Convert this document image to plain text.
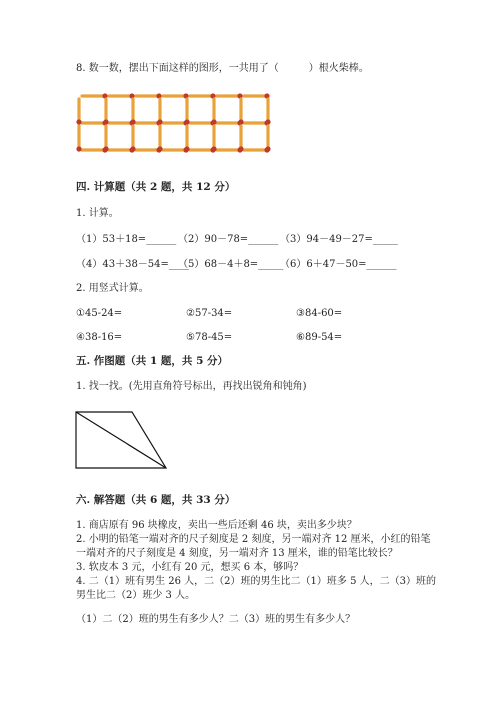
8. 数一数，摆出下面这样的图形，一共用了（　　　）根火柴棒。
四. 计算题（共 2 题，共 12 分）
1. 计算。
（1）53＋18=______ （2）90－78=______ （3）94－49－27=_____
（4）43＋38－54=____
（5）68－4＋8=_____
（6）6＋47－50=______
2. 用竖式计算。
①45-24=	②57-34=	③84-60=
④38-16=	⑤78-45=	⑥89-54=
五. 作图题（共 1 题，共 5 分）
1. 找一找。(先用直角符号标出，再找出锐角和钝角)
六. 解答题（共 6 题，共 33 分）
1. 商店原有 96 块橡皮，卖出一些后还剩 46 块，卖出多少块？
2. 小明的铅笔一端对齐的尺子刻度是 2 刻度，另一端对齐 12 厘米，小红的铅笔
一端对齐的尺子刻度是 4 刻度，另一端对齐 13 厘米，谁的铅笔比较长？
3. 软皮本 3 元，小红有 20 元，想买 6 本，够吗？
4. 二（1）班有男生 26 人，二（2）班的男生比二（1）班多 5 人，二（3）班的
男生比二（2）班少 3 人。
（1）二（2）班的男生有多少人？二（3）班的男生有多少人？
